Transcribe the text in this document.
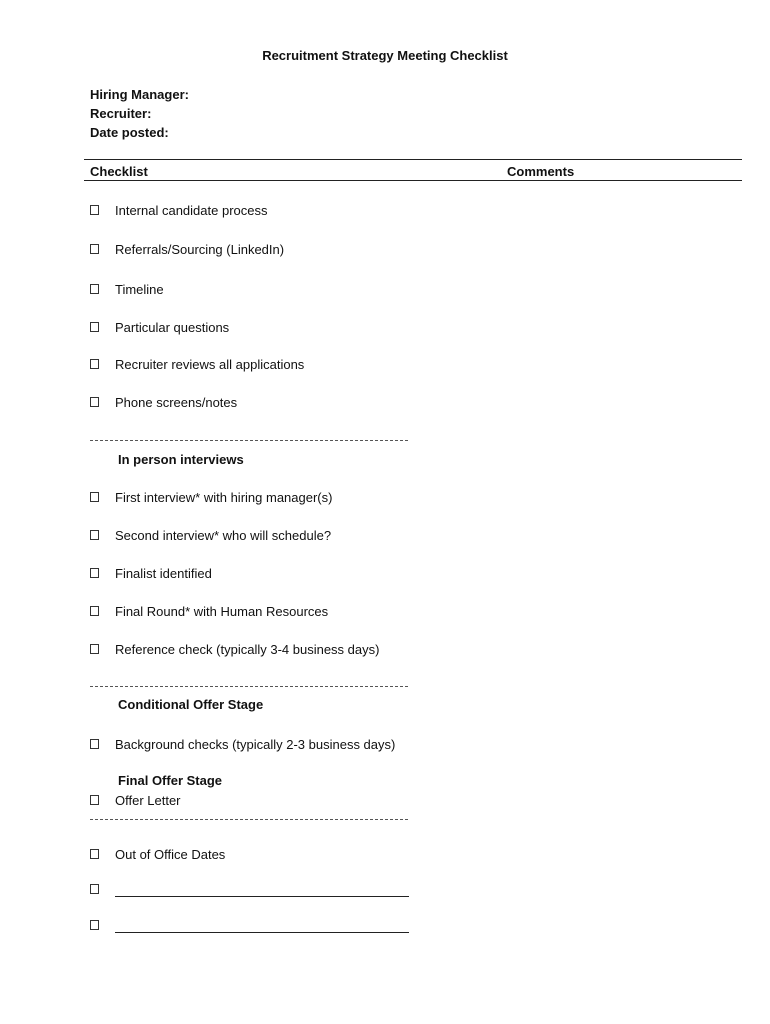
Recruitment Strategy Meeting Checklist
Hiring Manager:
Recruiter:
Date posted:
Checklist	Comments
Internal candidate process
Referrals/Sourcing (LinkedIn)
Timeline
Particular questions
Recruiter reviews all applications
Phone screens/notes
In person interviews
First interview* with hiring manager(s)
Second interview* who will schedule?
Finalist identified
Final Round* with Human Resources
Reference check (typically 3-4 business days)
Conditional Offer Stage
Background checks (typically 2-3 business days)
Final Offer Stage
Offer Letter
Out of Office Dates
